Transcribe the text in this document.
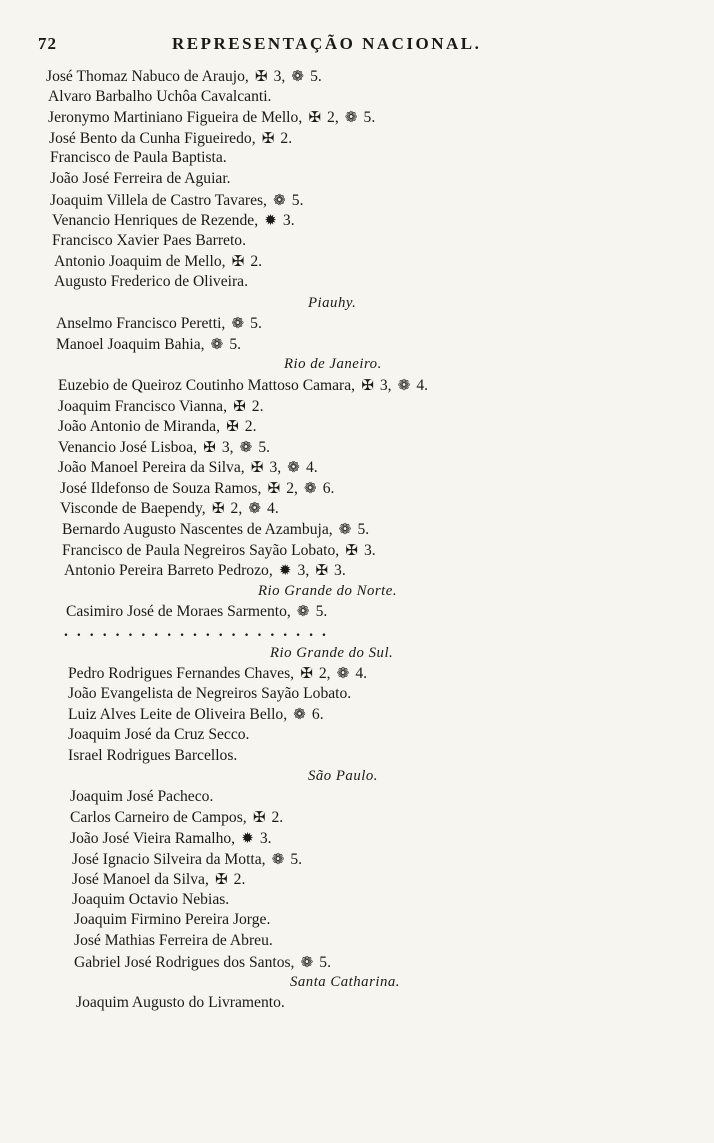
72	REPRESENTAÇÃO NACIONAL.
José Thomaz Nabuco de Araujo, ✠ 3, ❁ 5.
Alvaro Barbalho Uchôa Cavalcanti.
Jeronymo Martiniano Figueira de Mello, ✠ 2, ❁ 5.
José Bento da Cunha Figueiredo, ✠ 2.
Francisco de Paula Baptista.
João José Ferreira de Aguiar.
Joaquim Villela de Castro Tavares, ❁ 5.
Venancio Henriques de Rezende, ✹ 3.
Francisco Xavier Paes Barreto.
Antonio Joaquim de Mello, ✠ 2.
Augusto Frederico de Oliveira.
Piauhy.
Anselmo Francisco Peretti, ❁ 5.
Manoel Joaquim Bahia, ❁ 5.
Rio de Janeiro.
Euzebio de Queiroz Coutinho Mattoso Camara, ✠ 3, ❁ 4.
Joaquim Francisco Vianna, ✠ 2.
João Antonio de Miranda, ✠ 2.
Venancio José Lisboa, ✠ 3, ❁ 5.
João Manoel Pereira da Silva, ✠ 3, ❁ 4.
José Ildefonso de Souza Ramos, ✠ 2, ❁ 6.
Visconde de Baependy, ✠ 2, ❁ 4.
Bernardo Augusto Nascentes de Azambuja, ❁ 5.
Francisco de Paula Negreiros Sayão Lobato, ✠ 3.
Antonio Pereira Barreto Pedrozo, ✹ 3, ✠ 3.
Rio Grande do Norte.
Casimiro José de Moraes Sarmento, ❁ 5.
.....................
Rio Grande do Sul.
Pedro Rodrigues Fernandes Chaves, ✠ 2, ❁ 4.
João Evangelista de Negreiros Sayão Lobato.
Luiz Alves Leite de Oliveira Bello, ❁ 6.
Joaquim José da Cruz Secco.
Israel Rodrigues Barcellos.
São Paulo.
Joaquim José Pacheco.
Carlos Carneiro de Campos, ✠ 2.
João José Vieira Ramalho, ✹ 3.
José Ignacio Silveira da Motta, ❁ 5.
José Manoel da Silva, ✠ 2.
Joaquim Octavio Nebias.
Joaquim Firmino Pereira Jorge.
José Mathias Ferreira de Abreu.
Gabriel José Rodrigues dos Santos, ❁ 5.
Santa Catharina.
Joaquim Augusto do Livramento.
